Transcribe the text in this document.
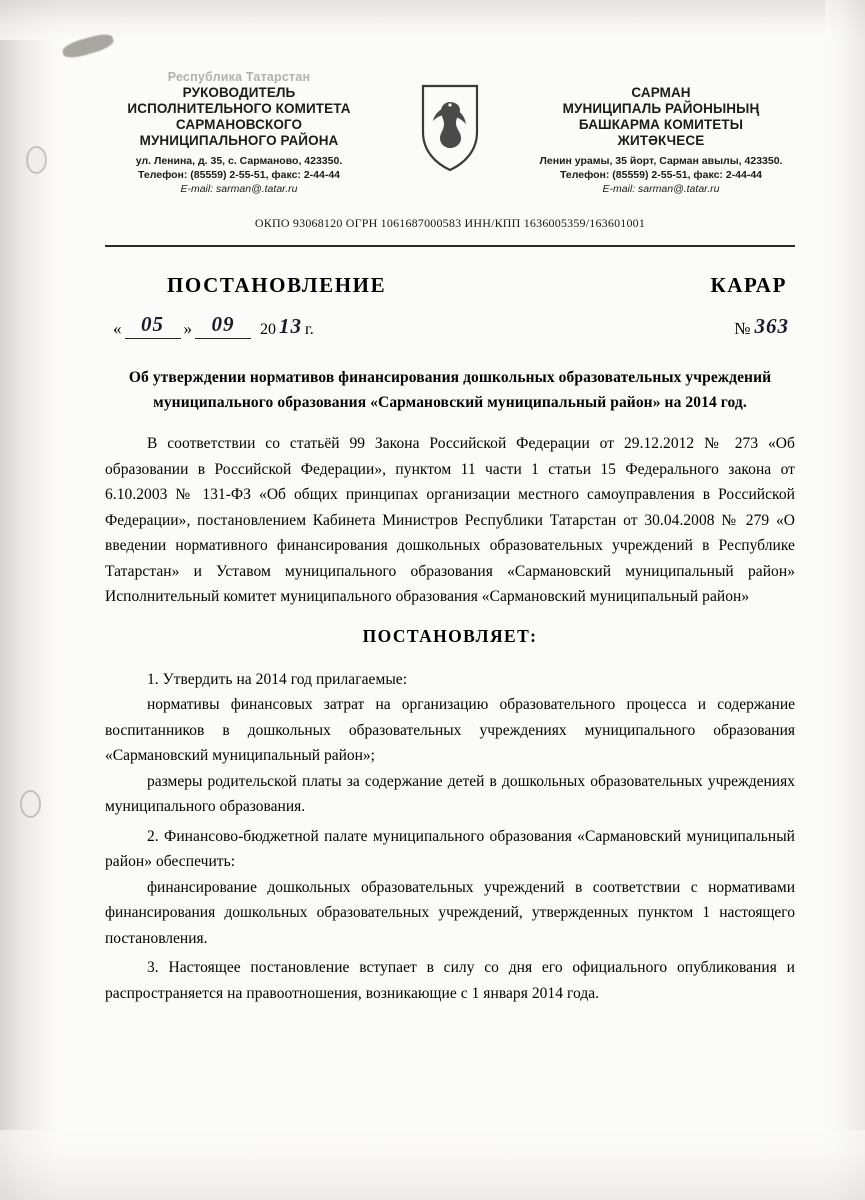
Республика Татарстан
РУКОВОДИТЕЛЬ
ИСПОЛНИТЕЛЬНОГО КОМИТЕТА
САРМАНОВСКОГО
МУНИЦИПАЛЬНОГО РАЙОНА
ул. Ленина, д. 35, с. Сарманово, 423350.
Телефон: (85559) 2-55-51, факс: 2-44-44
E-mail: sarman@.tatar.ru
САРМАН
МУНИЦИПАЛЬ РАЙОНЫНЫҢ
БАШКАРМА КОМИТЕТЫ
ЖИТӘКЧЕСЕ
Ленин урамы, 35 йорт, Сарман авылы, 423350.
Телефон: (85559) 2-55-51, факс: 2-44-44
E-mail: sarman@.tatar.ru
ОКПО 93068120 ОГРН 1061687000583 ИНН/КПП 1636005359/163601001
ПОСТАНОВЛЕНИЕ	КАРАР
« 05	» 09	20 13 г.	№ 363
Об утверждении нормативов финансирования дошкольных образовательных учреждений муниципального образования «Сармановский муниципальный район» на 2014 год.
В соответствии со статьёй 99 Закона Российской Федерации от 29.12.2012 № 273 «Об образовании в Российской Федерации», пунктом 11 части 1 статьи 15 Федерального закона от 6.10.2003 № 131-ФЗ «Об общих принципах организации местного самоуправления в Российской Федерации», постановлением Кабинета Министров Республики Татарстан от 30.04.2008 № 279 «О введении нормативного финансирования дошкольных образовательных учреждений в Республике Татарстан» и Уставом муниципального образования «Сармановский муниципальный район» Исполнительный комитет муниципального образования «Сармановский муниципальный район»
ПОСТАНОВЛЯЕТ:
1. Утвердить на 2014 год прилагаемые:
нормативы финансовых затрат на организацию образовательного процесса и содержание воспитанников в дошкольных образовательных учреждениях муниципального образования «Сармановский муниципальный район»;
размеры родительской платы за содержание детей в дошкольных образовательных учреждениях муниципального образования.
2. Финансово-бюджетной палате муниципального образования «Сармановский муниципальный район» обеспечить:
финансирование дошкольных образовательных учреждений в соответствии с нормативами финансирования дошкольных образовательных учреждений, утвержденных пунктом 1 настоящего постановления.
3. Настоящее постановление вступает в силу со дня его официального опубликования и распространяется на правоотношения, возникающие с 1 января 2014 года.
